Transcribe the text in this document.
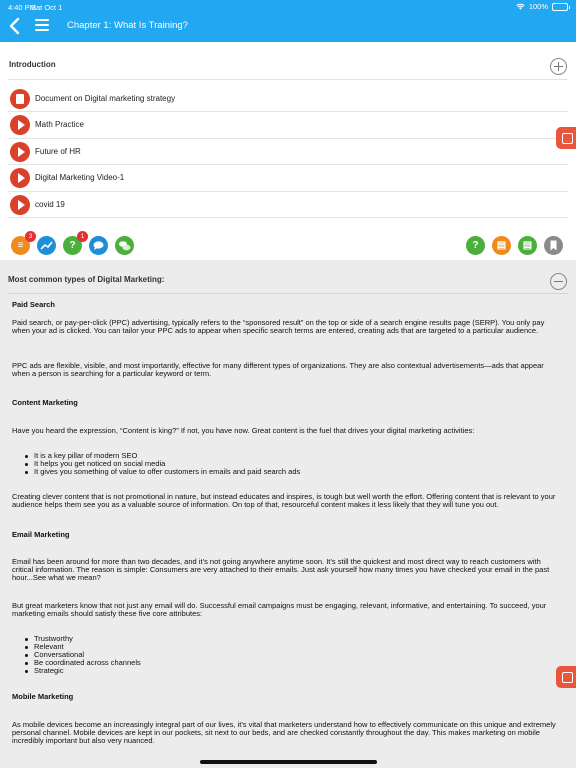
4:40 PM
Sat Oct 1	100%
Chapter 1: What Is Training?
Introduction
Document on Digital marketing strategy
Math Practice
Future of HR
Digital Marketing Video-1
covid 19
≡
3
?
1
?	▤	▤
Most common types of Digital Marketing:
Paid Search
Paid search, or pay-per-click (PPC) advertising, typically refers to the “sponsored result” on the top or side of a search engine results page (SERP). You only pay when your ad is clicked. You can tailor your PPC ads to appear when specific search terms are entered, creating ads that are targeted to a particular audience.
PPC ads are flexible, visible, and most importantly, effective for many different types of organizations. They are also contextual advertisements—ads that appear when a person is searching for a particular keyword or term.
Content Marketing
Have you heard the expression, “Content is king?” If not, you have now. Great content is the fuel that drives your digital marketing activities:
It is a key pillar of modern SEO
It helps you get noticed on social media
It gives you something of value to offer customers in emails and paid search ads
Creating clever content that is not promotional in nature, but instead educates and inspires, is tough but well worth the effort. Offering content that is relevant to your audience helps them see you as a valuable source of information. On top of that, resourceful content makes it less likely that they will tune you out.
Email Marketing
Email has been around for more than two decades, and it’s not going anywhere anytime soon. It’s still the quickest and most direct way to reach customers with critical information. The reason is simple: Consumers are very attached to their emails. Just ask yourself how many times you have checked your email in the past hour...See what we mean?
But great marketers know that not just any email will do. Successful email campaigns must be engaging, relevant, informative, and entertaining. To succeed, your marketing emails should satisfy these five core attributes:
Trustworthy
Relevant
Conversational
Be coordinated across channels
Strategic
Mobile Marketing
As mobile devices become an increasingly integral part of our lives, it’s vital that marketers understand how to effectively communicate on this unique and extremely personal channel. Mobile devices are kept in our pockets, sit next to our beds, and are checked constantly throughout the day. This makes marketing on mobile incredibly important but also very nuanced.
